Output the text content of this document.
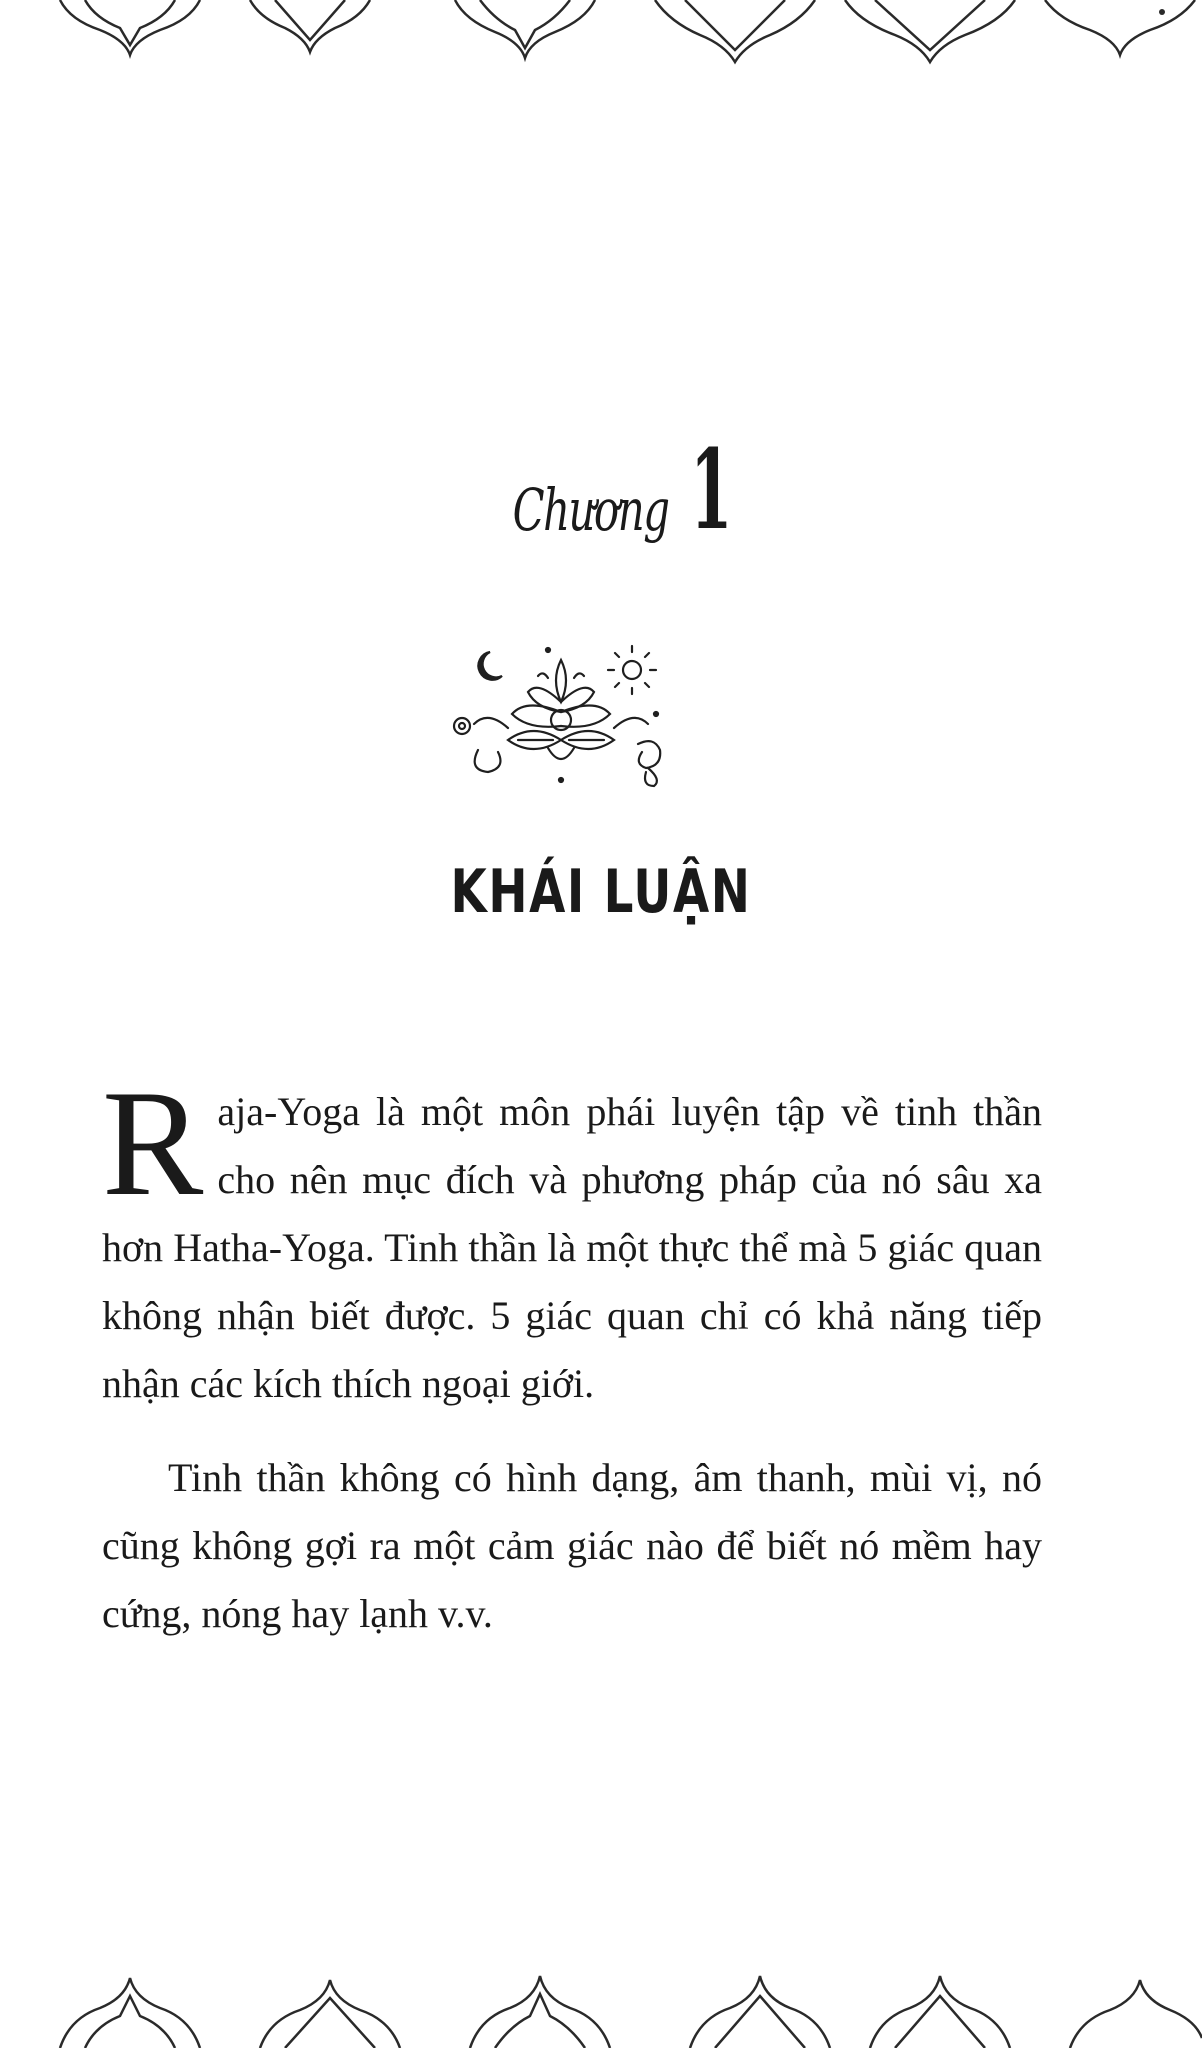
Chương 1
KHÁI LUẬN

Raja-Yoga là một môn phái luyện tập về tinh thần cho nên mục đích và phương pháp của nó sâu xa hơn Hatha-Yoga. Tinh thần là một thực thể mà 5 giác quan không nhận biết được. 5 giác quan chỉ có khả năng tiếp nhận các kích thích ngoại giới.

Tinh thần không có hình dạng, âm thanh, mùi vị, nó cũng không gợi ra một cảm giác nào để biết nó mềm hay cứng, nóng hay lạnh v.v.
